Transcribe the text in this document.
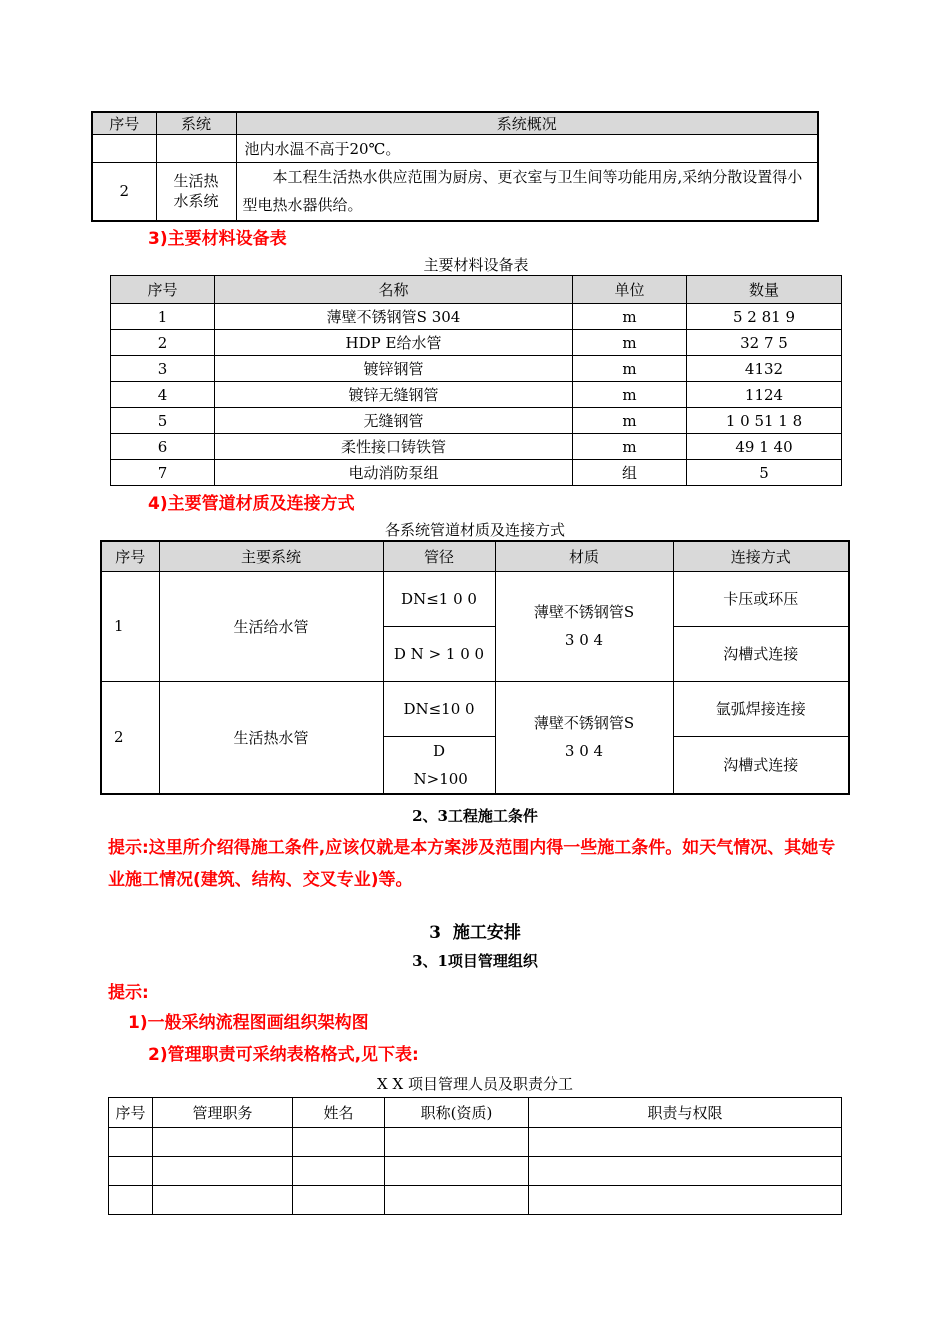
序号	系统	系统概况
		池内水温不高于20℃。
2	生活热水系统	本工程生活热水供应范围为厨房、更衣室与卫生间等功能用房,采纳分散设置得小型电热水器供给。
3)主要材料设备表
主要材料设备表
序号	名称	单位	数量
1	薄壁不锈钢管S 304	m	5 2 81 9
2	HDP E给水管	m	32 7 5
3	镀锌钢管	m	4132
4	镀锌无缝钢管	m	1124
5	无缝钢管	m	1 0 51 1 8
6	柔性接口铸铁管	m	49 1 40
7	电动消防泵组	组	5
4)主要管道材质及连接方式
各系统管道材质及连接方式
序号	主要系统	管径	材质	连接方式
1	生活给水管	DN≤1 0 0	薄壁不锈钢管S 3 0 4	卡压或环压
		D N > 1 0 0		沟槽式连接
2	生活热水管	DN≤10 0	薄壁不锈钢管S 3 0 4	氩弧焊接连接
		D N>100		沟槽式连接
2、3工程施工条件
提示:这里所介绍得施工条件,应该仅就是本方案涉及范围内得一些施工条件。如天气情况、其她专业施工情况(建筑、结构、交叉专业)等。
3  施工安排
3、1项目管理组织
提示:
1)一般采纳流程图画组织架构图
2)管理职责可采纳表格格式,见下表:
X X 项目管理人员及职责分工
序号	管理职务	姓名	职称(资质)	职责与权限
